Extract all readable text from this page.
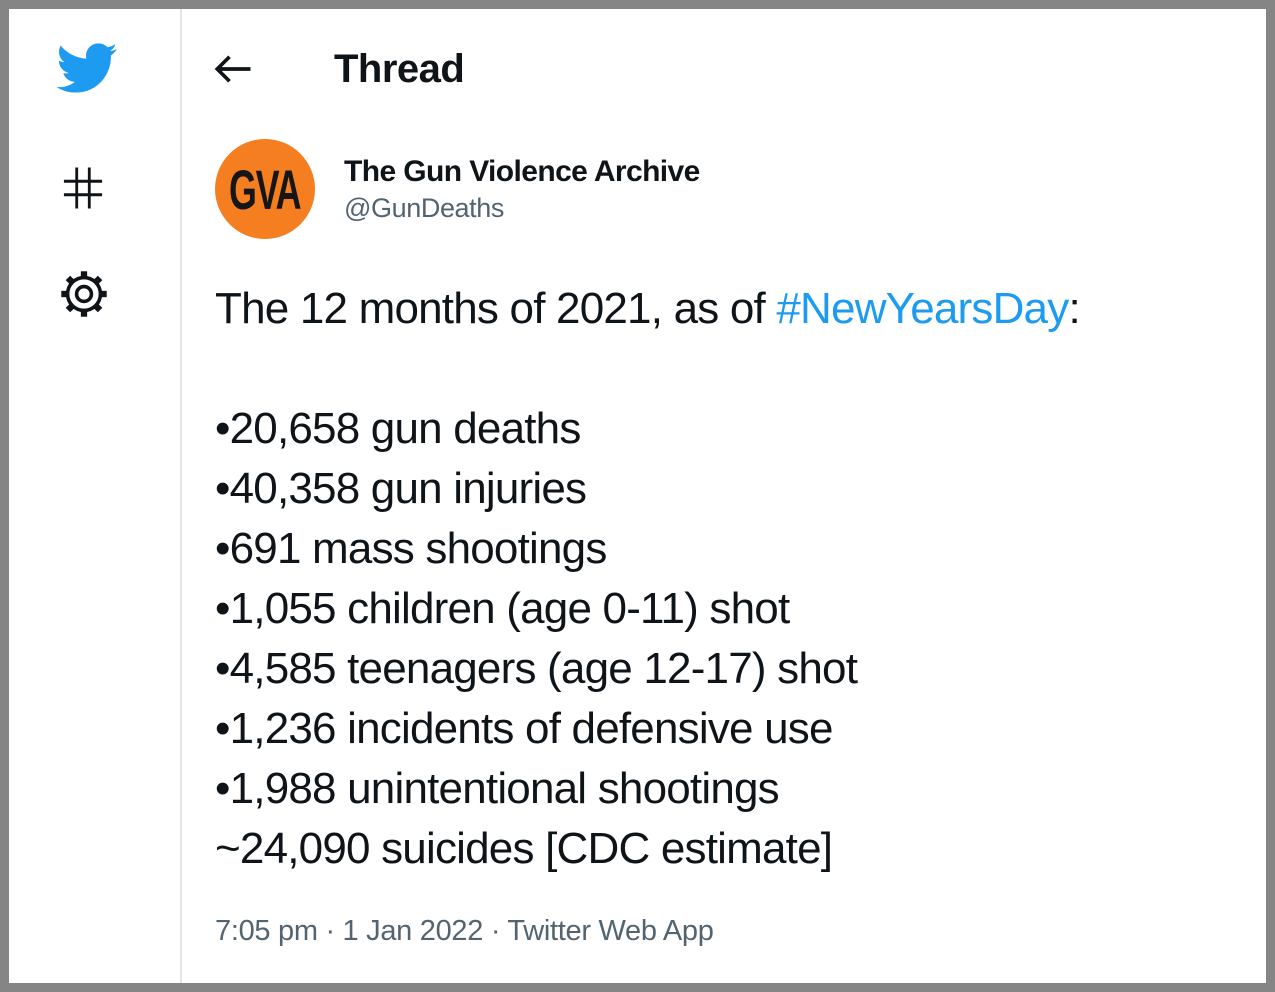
Thread
GVA The Gun Violence Archive
@GunDeaths

The 12 months of 2021, as of #NewYearsDay:

•20,658 gun deaths
•40,358 gun injuries
•691 mass shootings
•1,055 children (age 0-11) shot
•4,585 teenagers (age 12-17) shot
•1,236 incidents of defensive use
•1,988 unintentional shootings
~24,090 suicides [CDC estimate]
7:05 pm · 1 Jan 2022 · Twitter Web App
